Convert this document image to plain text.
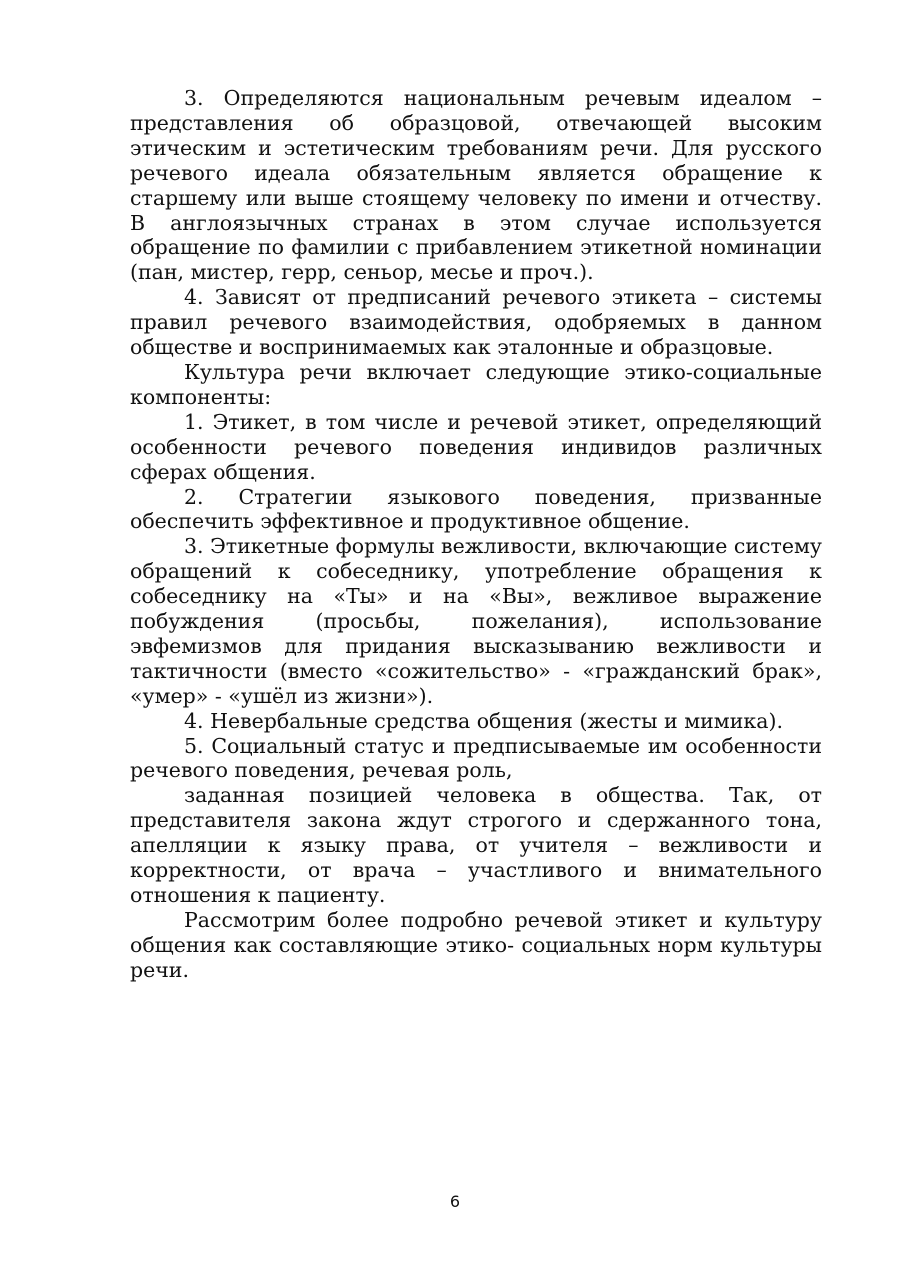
3. Определяются национальным речевым идеалом – представления об образцовой, отвечающей высоким этическим и эстетическим требованиям речи. Для русского речевого идеала обязательным является обращение к старшему или выше стоящему человеку по имени и отчеству. В англоязычных странах в этом случае используется обращение по фамилии с прибавлением этикетной номинации (пан, мистер, герр, сеньор, месье и проч.).

4. Зависят от предписаний речевого этикета – системы правил речевого взаимодействия, одобряемых в данном обществе и воспринимаемых как эталонные и образцовые.

Культура речи включает следующие этико-социальные компоненты:

1. Этикет, в том числе и речевой этикет, определяющий особенности речевого поведения индивидов различных сферах общения.

2. Стратегии языкового поведения, призванные обеспечить эффективное и продуктивное общение.

3. Этикетные формулы вежливости, включающие систему обращений к собеседнику, употребление обращения к собеседнику на «Ты» и на «Вы», вежливое выражение побуждения (просьбы, пожелания), использование эвфемизмов для придания высказыванию вежливости и тактичности (вместо «сожительство» - «гражданский брак», «умер» - «ушёл из жизни»).

4. Невербальные средства общения (жесты и мимика).

5. Социальный статус и предписываемые им особенности речевого поведения, речевая роль,

заданная позицией человека в общества. Так, от представителя закона ждут строгого и сдержанного тона, апелляции к языку права, от учителя – вежливости и корректности, от врача – участливого и внимательного отношения к пациенту.

Рассмотрим более подробно речевой этикет и культуру общения как составляющие этико- социальных норм культуры речи.

6
